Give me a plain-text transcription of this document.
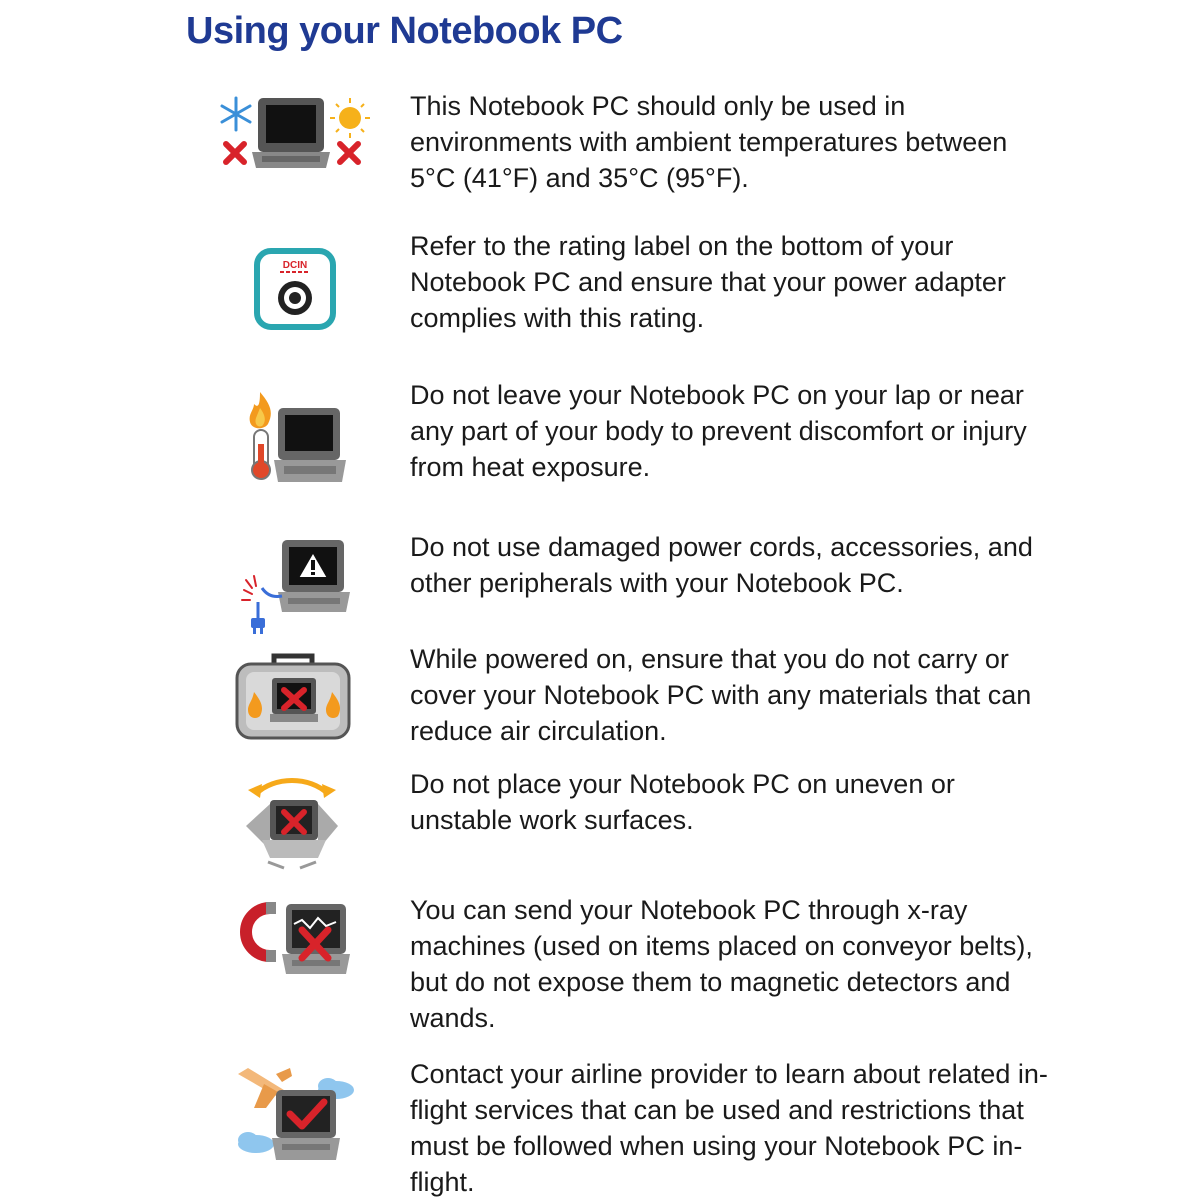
Using your Notebook PC

This Notebook PC should only be used in environments with ambient temperatures between 5°C (41°F) and 35°C (95°F).

DCIN

Refer to the rating label on the bottom of your Notebook PC and ensure that your power adapter complies with this rating.

Do not leave your Notebook PC on your lap or near any part of your body to prevent discomfort or injury from heat exposure.

Do not use damaged power cords, accessories, and other peripherals with your Notebook PC.

While powered on, ensure that you do not carry or cover your Notebook PC with any materials that can reduce air circulation.

Do not place your Notebook PC on uneven or unstable work surfaces.

You can send your Notebook PC through x-ray machines (used on items placed on conveyor belts), but do not expose them to magnetic detectors and wands.

Contact your airline provider to learn about related in-flight services that can be used and restrictions that must be followed when using your Notebook PC in-flight.
